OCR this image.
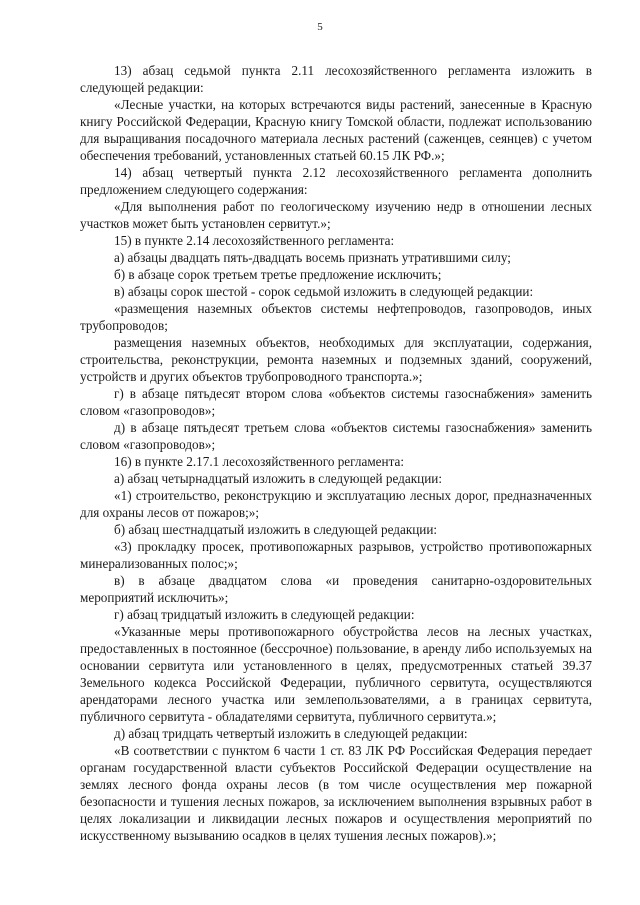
5

13) абзац седьмой пункта 2.11 лесохозяйственного регламента изложить в следующей редакции:

«Лесные участки, на которых встречаются виды растений, занесенные в Красную книгу Российской Федерации, Красную книгу Томской области, подлежат использованию для выращивания посадочного материала лесных растений (саженцев, сеянцев) с учетом обеспечения требований, установленных статьей 60.15 ЛК РФ.»;

14) абзац четвертый пункта 2.12 лесохозяйственного регламента дополнить предложением следующего содержания:

«Для выполнения работ по геологическому изучению недр в отношении лесных участков может быть установлен сервитут.»;

15) в пункте 2.14 лесохозяйственного регламента:

а) абзацы двадцать пять-двадцать восемь признать утратившими силу;

б) в абзаце сорок третьем третье предложение исключить;

в) абзацы сорок шестой - сорок седьмой изложить в следующей редакции:

«размещения наземных объектов системы нефтепроводов, газопроводов, иных трубопроводов;

размещения наземных объектов, необходимых для эксплуатации, содержания, строительства, реконструкции, ремонта наземных и подземных зданий, сооружений, устройств и других объектов трубопроводного транспорта.»;

г) в абзаце пятьдесят втором слова «объектов системы газоснабжения» заменить словом «газопроводов»;

д) в абзаце пятьдесят третьем слова «объектов системы газоснабжения» заменить словом «газопроводов»;

16) в пункте 2.17.1 лесохозяйственного регламента:

а) абзац четырнадцатый изложить в следующей редакции:

«1) строительство, реконструкцию и эксплуатацию лесных дорог, предназначенных для охраны лесов от пожаров;»;

б) абзац шестнадцатый изложить в следующей редакции:

«3) прокладку просек, противопожарных разрывов, устройство противопожарных минерализованных полос;»;

в) в абзаце двадцатом слова «и проведения санитарно-оздоровительных мероприятий исключить»;

г) абзац тридцатый изложить в следующей редакции:

«Указанные меры противопожарного обустройства лесов на лесных участках, предоставленных в постоянное (бессрочное) пользование, в аренду либо используемых на основании сервитута или установленного в целях, предусмотренных статьей 39.37 Земельного кодекса Российской Федерации, публичного сервитута, осуществляются арендаторами лесного участка или землепользователями, а в границах сервитута, публичного сервитута - обладателями сервитута, публичного сервитута.»;

д) абзац тридцать четвертый изложить в следующей редакции:

«В соответствии с пунктом 6 части 1 ст. 83 ЛК РФ Российская Федерация передает органам государственной власти субъектов Российской Федерации осуществление на землях лесного фонда охраны лесов (в том числе осуществления мер пожарной безопасности и тушения лесных пожаров, за исключением выполнения взрывных работ в целях локализации и ликвидации лесных пожаров и осуществления мероприятий по искусственному вызыванию осадков в целях тушения лесных пожаров).»;
